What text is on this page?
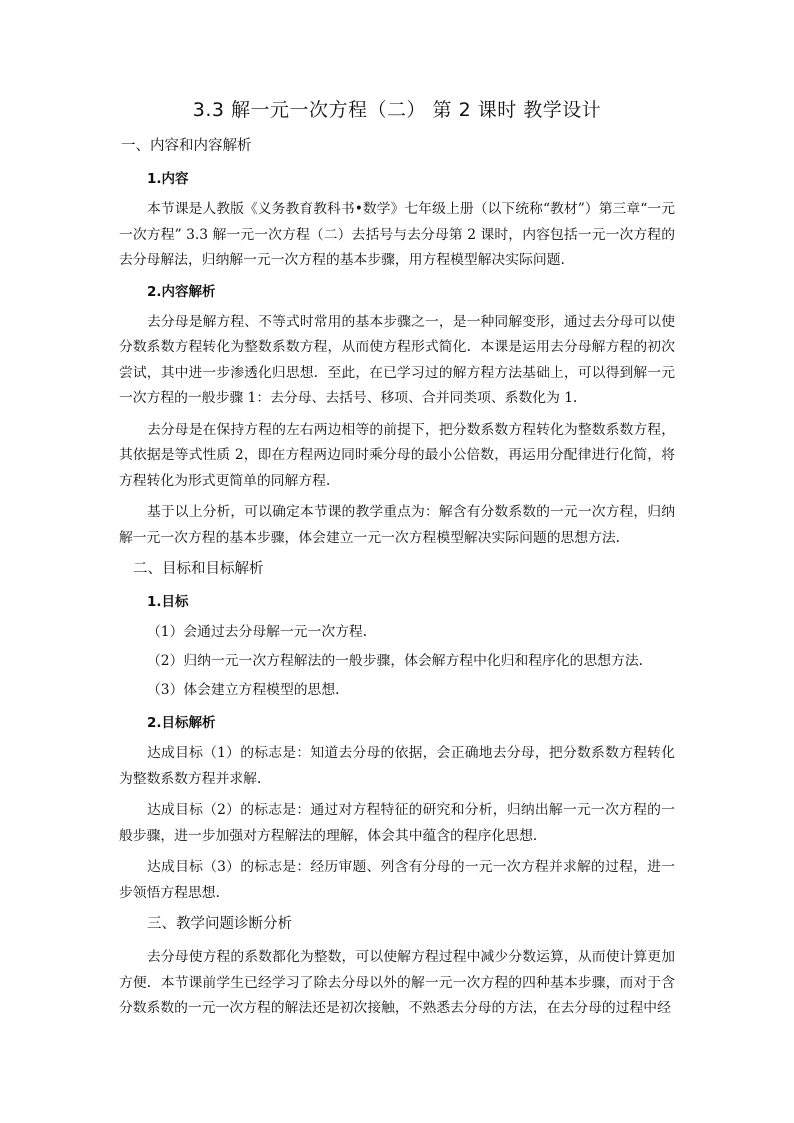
3.3 解一元一次方程（二） 第 2 课时 教学设计
一、内容和内容解析
1.内容
本节课是人教版《义务教育教科书•数学》七年级上册（以下统称“教材”）第三章“一元一次方程” 3.3 解一元一次方程（二）去括号与去分母第 2 课时，内容包括一元一次方程的去分母解法，归纳解一元一次方程的基本步骤，用方程模型解决实际问题.
2.内容解析
去分母是解方程、不等式时常用的基本步骤之一，是一种同解变形，通过去分母可以使分数系数方程转化为整数系数方程，从而使方程形式简化．本课是运用去分母解方程的初次尝试，其中进一步渗透化归思想．至此，在已学习过的解方程方法基础上，可以得到解一元一次方程的一般步骤 1：去分母、去括号、移项、合并同类项、系数化为 1．
去分母是在保持方程的左右两边相等的前提下，把分数系数方程转化为整数系数方程，其依据是等式性质 2，即在方程两边同时乘分母的最小公倍数，再运用分配律进行化简，将方程转化为形式更简单的同解方程．
基于以上分析，可以确定本节课的教学重点为：解含有分数系数的一元一次方程，归纳解一元一次方程的基本步骤，体会建立一元一次方程模型解决实际问题的思想方法．
二、目标和目标解析
1.目标
（1）会通过去分母解一元一次方程．
（2）归纳一元一次方程解法的一般步骤，体会解方程中化归和程序化的思想方法．
（3）体会建立方程模型的思想．
2.目标解析
达成目标（1）的标志是：知道去分母的依据，会正确地去分母，把分数系数方程转化为整数系数方程并求解．
达成目标（2）的标志是：通过对方程特征的研究和分析，归纳出解一元一次方程的一般步骤，进一步加强对方程解法的理解，体会其中蕴含的程序化思想．
达成目标（3）的标志是：经历审题、列含有分母的一元一次方程并求解的过程，进一步领悟方程思想．
三、教学问题诊断分析
去分母使方程的系数都化为整数，可以使解方程过程中减少分数运算，从而使计算更加方便．本节课前学生已经学习了除去分母以外的解一元一次方程的四种基本步骤，而对于含分数系数的一元一次方程的解法还是初次接触，不熟悉去分母的方法，在去分母的过程中经
